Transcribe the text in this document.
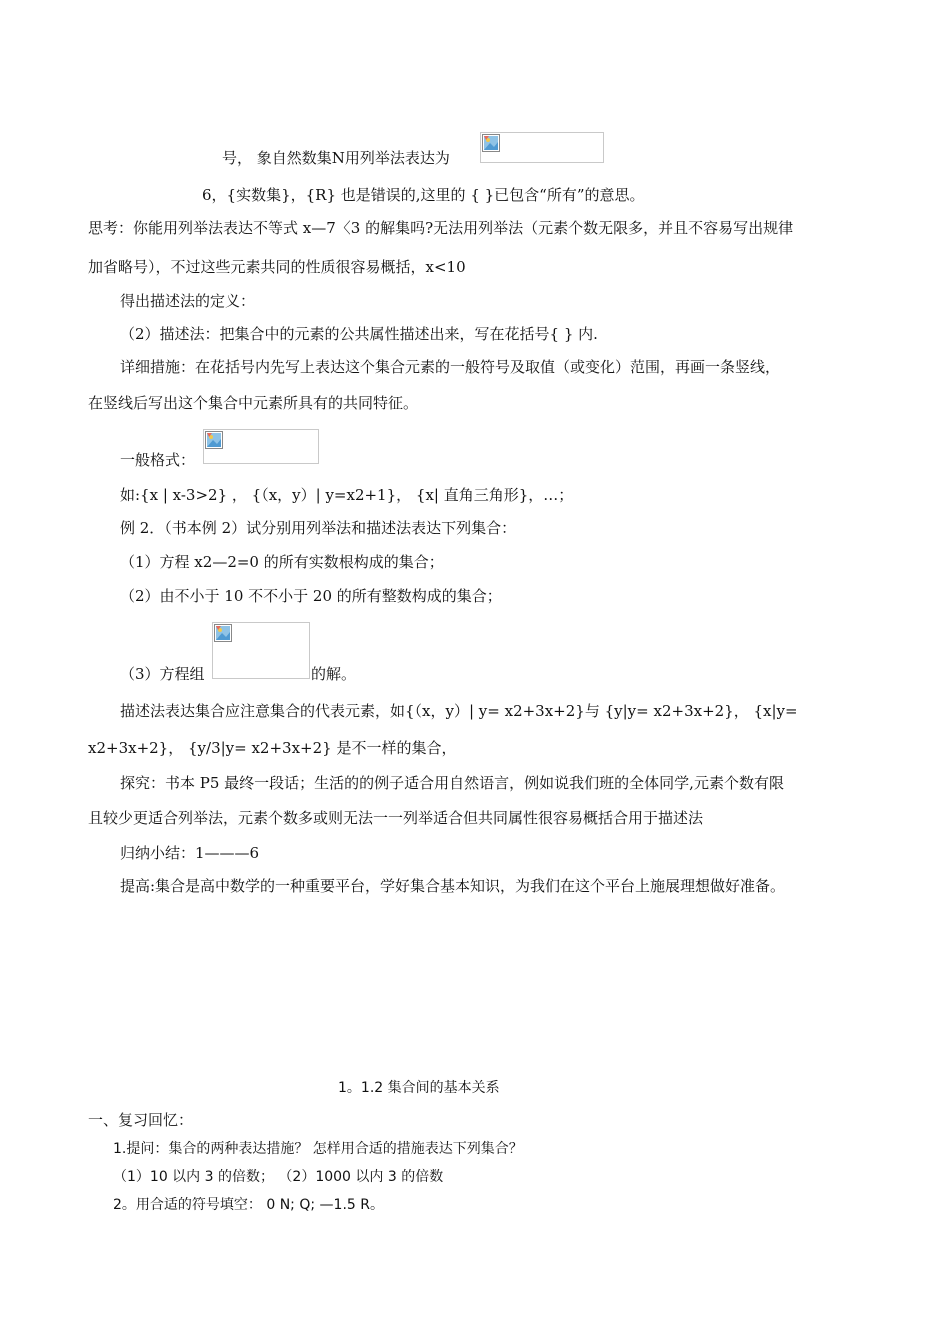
号， 象自然数集N用列举法表达为
6，{实数集}，{R} 也是错误的,这里的 { }已包含“所有”的意思。
思考：你能用列举法表达不等式 x—7〈3 的解集吗?无法用列举法（元素个数无限多，并且不容易写出规律
加省略号），不过这些元素共同的性质很容易概括，x<10
得出描述法的定义：
（2）描述法：把集合中的元素的公共属性描述出来，写在花括号{ } 内.
详细措施：在花括号内先写上表达这个集合元素的一般符号及取值（或变化）范围，再画一条竖线，
在竖线后写出这个集合中元素所具有的共同特征。
一般格式：
如:{x | x-3>2} ， {（x，y）| y=x2+1}， {x| 直角三角形}，…；
例 2．（书本例 2）试分别用列举法和描述法表达下列集合：
（1）方程 x2—2=0 的所有实数根构成的集合；
（2）由不小于 10 不不小于 20 的所有整数构成的集合；
（3）方程组	的解。
描述法表达集合应注意集合的代表元素，如{（x，y）| y= x2+3x+2}与 {y|y= x2+3x+2}， {x|y=
x2+3x+2}， {y/3|y= x2+3x+2} 是不一样的集合，
探究：书本 P5 最终一段话；生活的的例子适合用自然语言，例如说我们班的全体同学,元素个数有限
且较少更适合列举法，元素个数多或则无法一一列举适合但共同属性很容易概括合用于描述法
归纳小结：1———6
提高:集合是高中数学的一种重要平台，学好集合基本知识，为我们在这个平台上施展理想做好准备。
1。1.2 集合间的基本关系
一、复习回忆：
1.提问：集合的两种表达措施？ 怎样用合适的措施表达下列集合？
（1）10 以内 3 的倍数； （2）1000 以内 3 的倍数
2。用合适的符号填空： 0 N; Q; —1.5 R。
